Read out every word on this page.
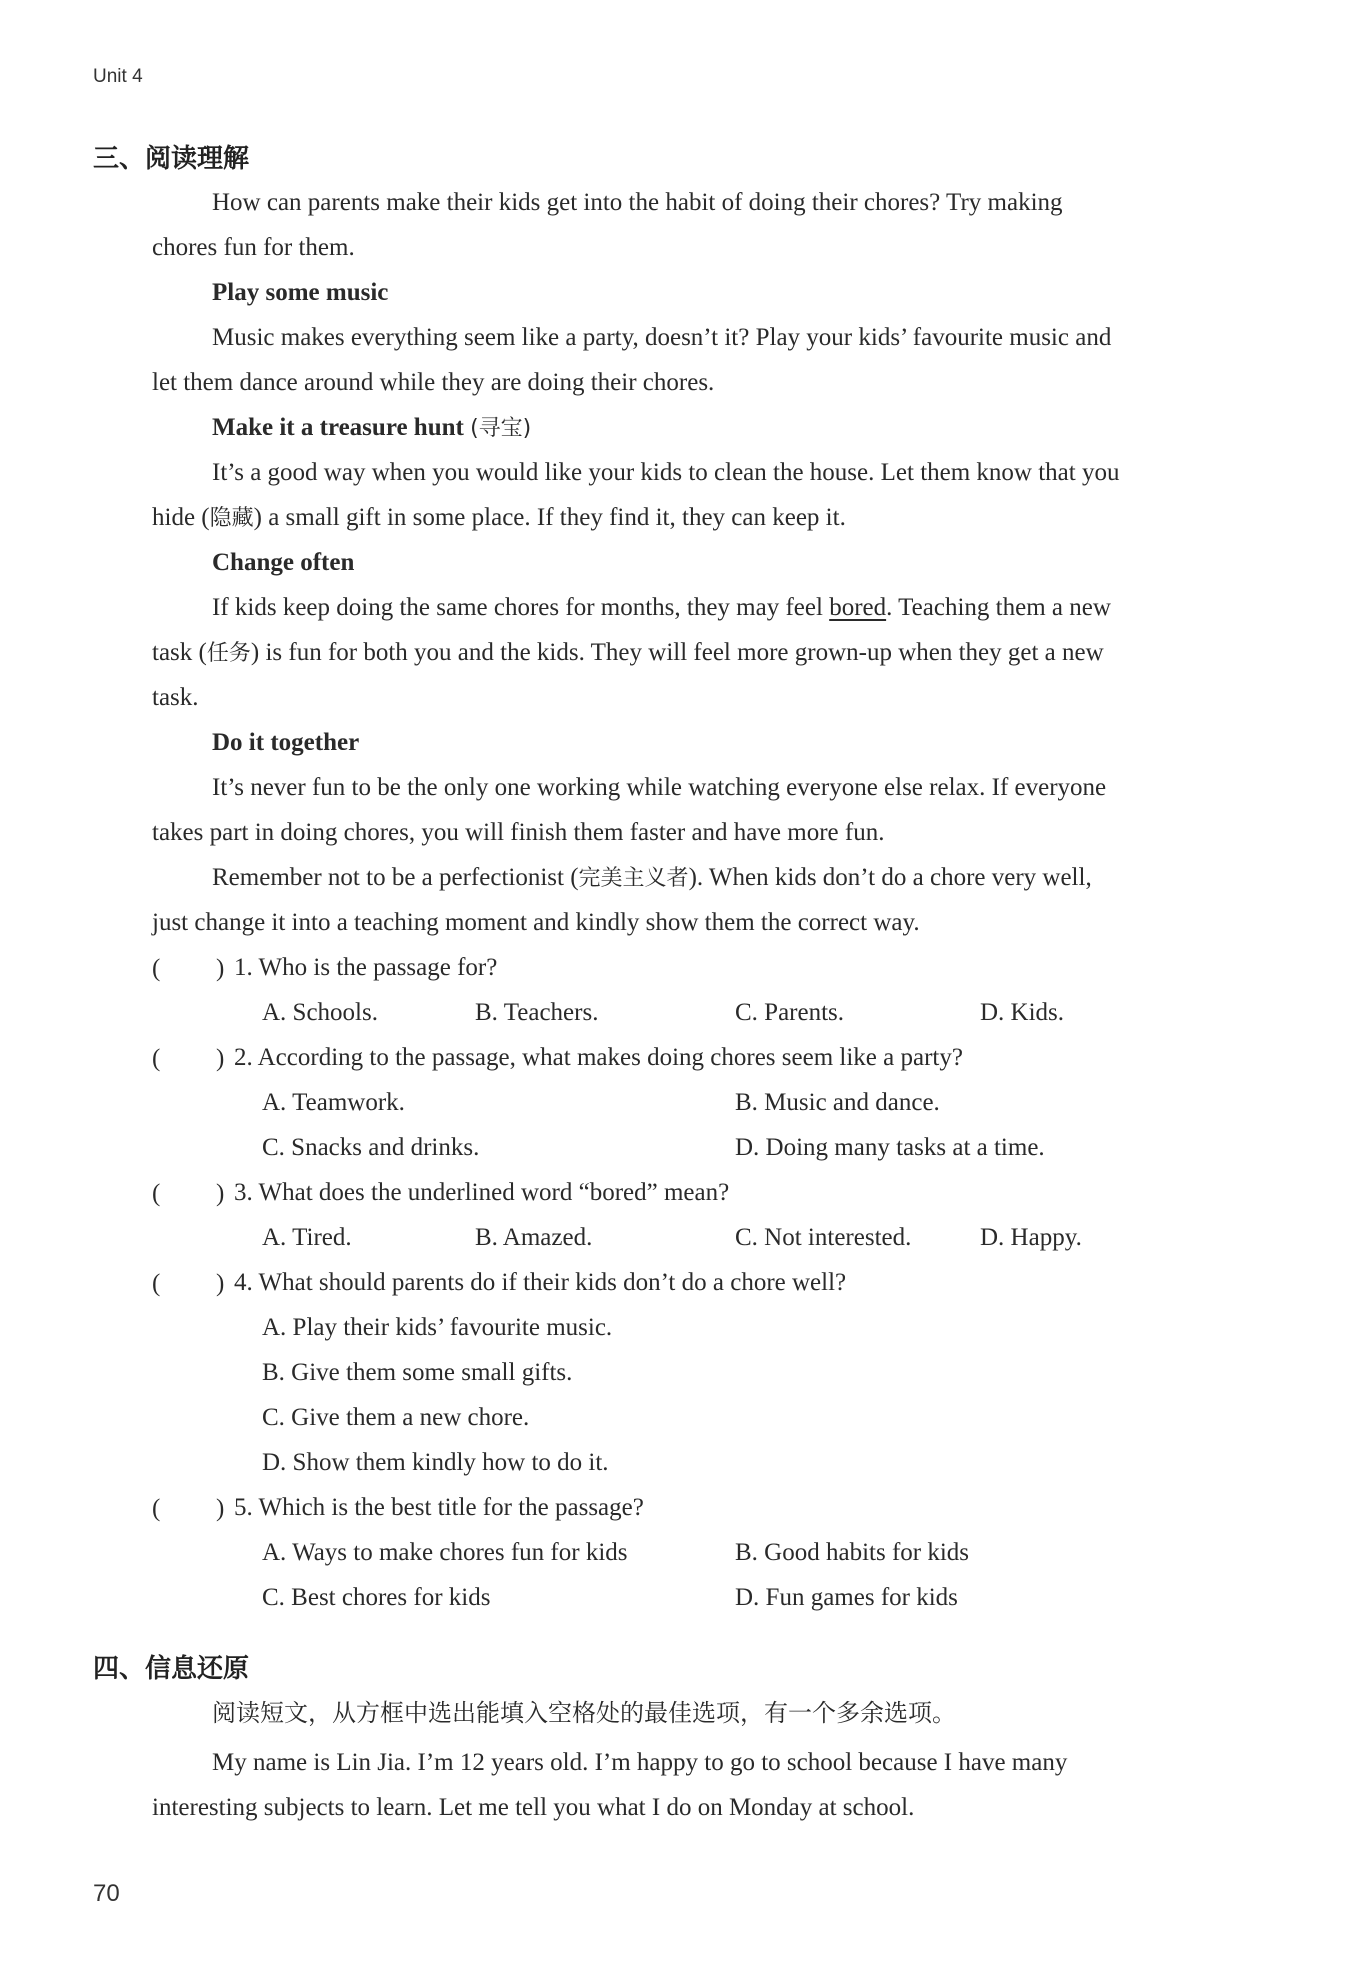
Unit 4
三、阅读理解
How can parents make their kids get into the habit of doing their chores? Try making
chores fun for them.
Play some music
Music makes everything seem like a party, doesn’t it? Play your kids’ favourite music and
let them dance around while they are doing their chores.
Make it a treasure hunt (寻宝)
It’s a good way when you would like your kids to clean the house. Let them know that you
hide (隐藏) a small gift in some place. If they find it, they can keep it.
Change often
If kids keep doing the same chores for months, they may feel bored. Teaching them a new
task (任务) is fun for both you and the kids. They will feel more grown-up when they get a new
task.
Do it together
It’s never fun to be the only one working while watching everyone else relax. If everyone
takes part in doing chores, you will finish them faster and have more fun.
Remember not to be a perfectionist (完美主义者). When kids don’t do a chore very well,
just change it into a teaching moment and kindly show them the correct way.
( ) 1. Who is the passage for?
A. Schools.	B. Teachers.	C. Parents.	D. Kids.
( ) 2. According to the passage, what makes doing chores seem like a party?
A. Teamwork.	B. Music and dance.
C. Snacks and drinks.	D. Doing many tasks at a time.
( ) 3. What does the underlined word “bored” mean?
A. Tired.	B. Amazed.	C. Not interested.	D. Happy.
( ) 4. What should parents do if their kids don’t do a chore well?
A. Play their kids’ favourite music.
B. Give them some small gifts.
C. Give them a new chore.
D. Show them kindly how to do it.
( ) 5. Which is the best title for the passage?
A. Ways to make chores fun for kids	B. Good habits for kids
C. Best chores for kids	D. Fun games for kids
四、信息还原
阅读短文，从方框中选出能填入空格处的最佳选项，有一个多余选项。
My name is Lin Jia. I’m 12 years old. I’m happy to go to school because I have many
interesting subjects to learn. Let me tell you what I do on Monday at school.
70
